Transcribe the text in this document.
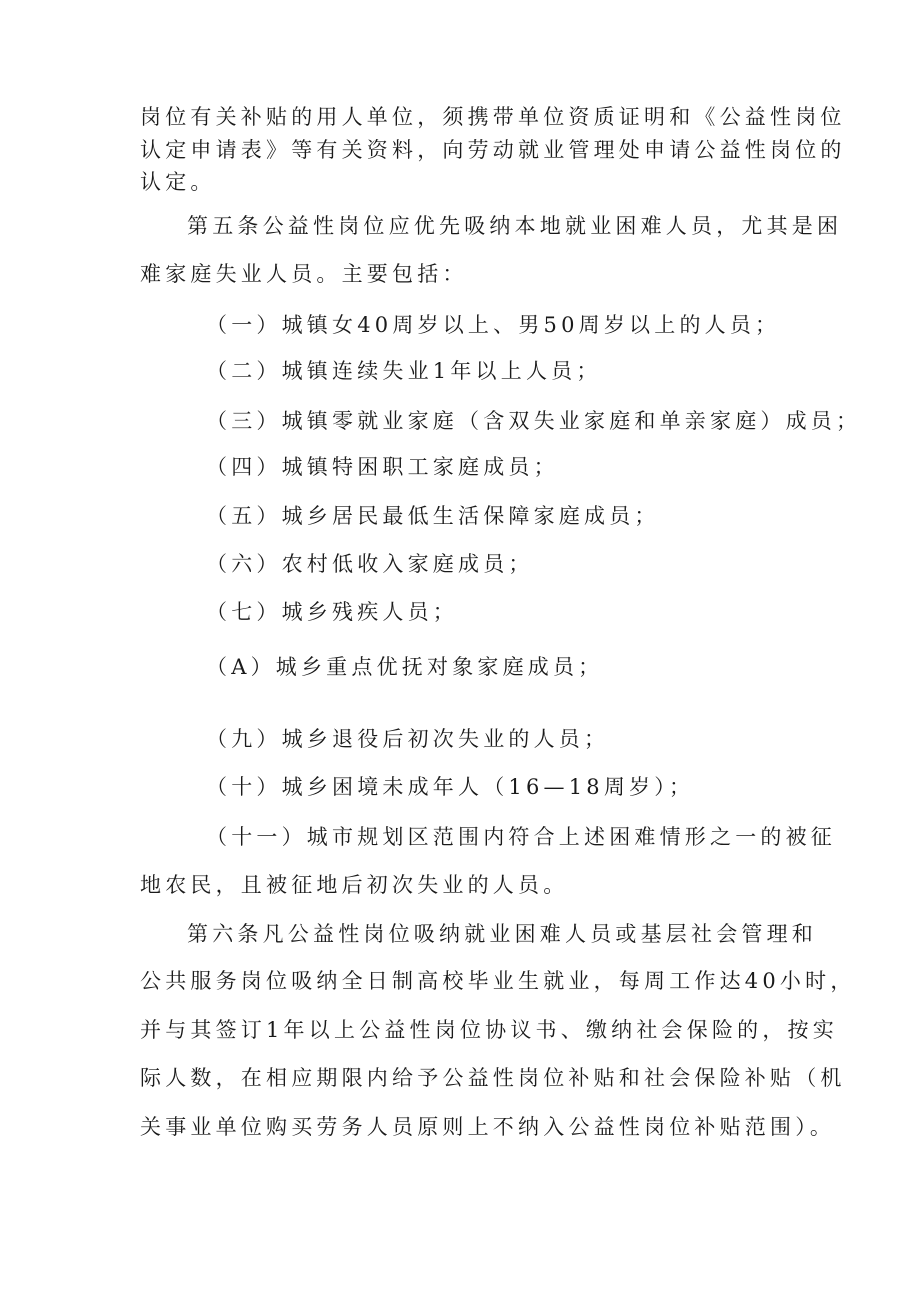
岗位有关补贴的用人单位，须携带单位资质证明和《公益性岗位
认定申请表》等有关资料，向劳动就业管理处申请公益性岗位的
认定。
第五条公益性岗位应优先吸纳本地就业困难人员，尤其是困
难家庭失业人员。主要包括：
（一）城镇女40周岁以上、男50周岁以上的人员；
（二）城镇连续失业1年以上人员；
（三）城镇零就业家庭（含双失业家庭和单亲家庭）成员；
（四）城镇特困职工家庭成员；
（五）城乡居民最低生活保障家庭成员；
（六）农村低收入家庭成员；
（七）城乡残疾人员；
（A）城乡重点优抚对象家庭成员；
（九）城乡退役后初次失业的人员；
（十）城乡困境未成年人（16—18周岁）；
（十一）城市规划区范围内符合上述困难情形之一的被征
地农民，且被征地后初次失业的人员。
第六条凡公益性岗位吸纳就业困难人员或基层社会管理和
公共服务岗位吸纳全日制高校毕业生就业，每周工作达40小时，
并与其签订1年以上公益性岗位协议书、缴纳社会保险的，按实
际人数，在相应期限内给予公益性岗位补贴和社会保险补贴（机
关事业单位购买劳务人员原则上不纳入公益性岗位补贴范围）。
